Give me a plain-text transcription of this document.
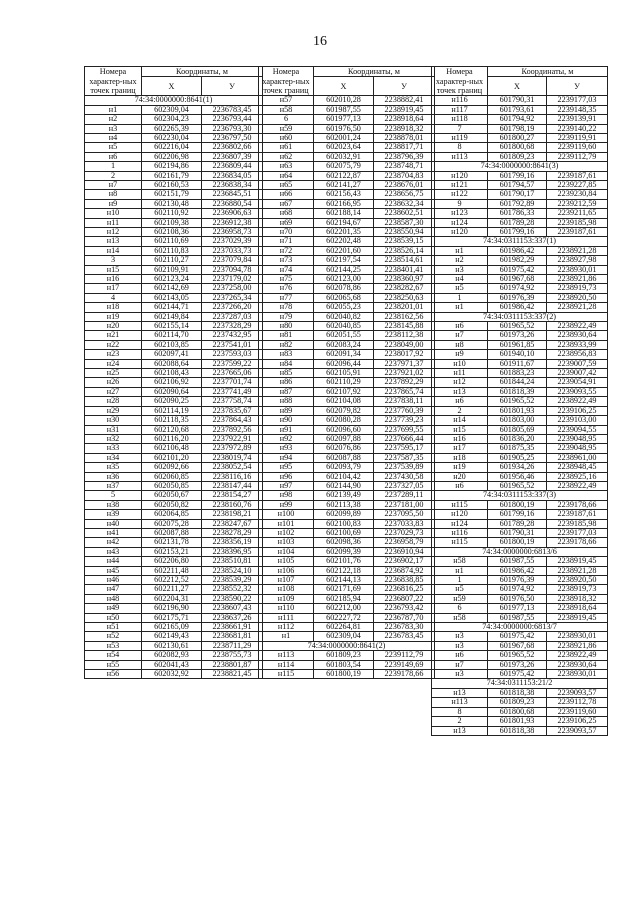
16
Номера характер-ных точек границ	Координаты, м	
	X	У
74:34:0000000:8641(1)		
н1	602309,04	2236783,45
н2	602304,23	2236793,44
н3	602265,39	2236793,30
н4	602230,04	2236797,50
н5	602216,04	2236802,66
н6	602206,98	2236807,39
1	602194,86	2236809,44
2	602161,79	2236834,05
н7	602160,53	2236838,34
н8	602151,79	2236845,51
н9	602130,48	2236880,54
н10	602110,92	2236906,63
н11	602109,38	2236912,38
н12	602108,36	2236958,73
н13	602110,69	2237029,39
н14	602110,83	2237033,73
3	602110,27	2237079,84
н15	602109,91	2237094,78
н16	602123,24	2237179,02
н17	602142,69	2237258,00
4	602143,05	2237265,34
н18	602144,71	2237266,20
н19	602149,84	2237287,03
н20	602155,14	2237328,29
н21	602114,70	2237432,95
н22	602103,85	2237541,01
н23	602097,41	2237593,03
н24	602088,64	2237599,22
н25	602108,43	2237665,06
н26	602106,92	2237701,74
н27	602090,64	2237741,49
н28	602090,25	2237758,74
н29	602114,19	2237835,67
н30	602118,35	2237864,43
н31	602120,68	2237892,56
н32	602116,20	2237922,91
н33	602106,48	2237972,89
н34	602101,20	2238019,74
н35	602092,66	2238052,54
н36	602060,85	2238116,16
н37	602050,85	2238147,44
5	602050,67	2238154,27
н38	602050,82	2238160,76
н39	602064,85	2238198,21
н40	602075,28	2238247,67
н41	602087,88	2238278,29
н42	602131,78	2238356,19
н43	602153,21	2238396,95
н44	602206,80	2238510,81
н45	602211,48	2238524,10
н46	602212,52	2238539,29
н47	602211,27	2238552,32
н48	602204,31	2238590,22
н49	602196,90	2238607,43
н50	602175,71	2238637,26
н51	602165,09	2238661,91
н52	602149,43	2238681,81
н53	602130,61	2238711,29
н54	602082,93	2238755,73
н55	602041,43	2238801,87
н56	602032,92	2238821,45
Номера характер-ных точек границ	Координаты, м	
	X	У
н57	602010,28	2238882,41
н58	601987,55	2238919,45
6	601977,13	2238918,64
н59	601976,50	2238918,32
н60	602001,24	2238878,01
н61	602023,64	2238817,71
н62	602032,91	2238796,39
н63	602075,79	2238748,71
н64	602122,87	2238704,83
н65	602141,27	2238676,01
н66	602156,43	2238656,75
н67	602166,95	2238632,34
н68	602188,14	2238602,51
н69	602194,67	2238587,30
н70	602201,35	2238550,94
н71	602202,48	2238539,15
н72	602201,60	2238526,14
н73	602197,54	2238514,61
н74	602144,25	2238401,41
н75	602123,00	2238360,97
н76	602078,86	2238282,67
н77	602065,68	2238250,63
н78	602055,23	2238201,01
н79	602040,82	2238162,56
н80	602040,85	2238145,88
н81	602051,55	2238112,38
н82	602083,24	2238049,00
н83	602091,34	2238017,92
н84	602096,44	2237971,37
н85	602105,91	2237921,02
н86	602110,29	2237892,29
н87	602107,92	2237865,74
н88	602104,08	2237838,11
н89	602079,82	2237760,39
н90	602080,28	2237739,23
н91	602096,60	2237699,55
н92	602097,88	2237666,44
н93	602076,86	2237595,17
н94	602087,88	2237587,35
н95	602093,79	2237539,89
н96	602104,42	2237430,58
н97	602144,90	2237327,05
н98	602139,49	2237289,11
н99	602113,38	2237181,00
н100	602099,89	2237095,50
н101	602100,83	2237033,83
н102	602100,69	2237029,73
н103	602098,36	2236958,79
н104	602099,39	2236910,94
н105	602101,76	2236902,17
н106	602122,18	2236874,92
н107	602144,13	2236838,85
н108	602171,69	2236816,25
н109	602185,94	2236807,22
н110	602212,00	2236793,42
н111	602227,72	2236787,70
н112	602264,81	2236783,30
н1	602309,04	2236783,45
74:34:0000000:8641(2)		
н113	601809,23	2239112,79
н114	601803,54	2239149,69
н115	601800,19	2239178,66
Номера характер-ных точек границ	Координаты, м	
	X	У
н116	601790,31	2239177,03
н117	601793,61	2239148,35
н118	601794,92	2239139,91
7	601798,19	2239140,22
н119	601800,27	2239119,91
8	601800,68	2239119,60
н113	601809,23	2239112,79
74:34:0000000:8641(3)		
н120	601799,16	2239187,61
н121	601794,57	2239227,85
н122	601790,17	2239230,84
9	601792,89	2239212,59
н123	601786,33	2239211,65
н124	601789,28	2239185,98
н120	601799,16	2239187,61
74:34:0311153:337(1)		
н1	601986,42	2238921,28
н2	601982,29	2238927,98
н3	601975,42	2238930,01
н4	601967,68	2238921,86
н5	601974,92	2238919,73
1	601976,39	2238920,50
н1	601986,42	2238921,28
74:34:0311153:337(2)		
н6	601965,52	2238922,49
н7	601973,26	2238930,64
н8	601961,85	2238933,99
н9	601940,10	2238956,83
н10	601911,67	2239007,59
н11	601883,23	2239007,42
н12	601844,24	2239054,91
н13	601818,39	2239093,55
н6	601965,52	2238922,49
2	601801,93	2239106,25
н14	601803,00	2239103,00
н15	601805,69	2239094,55
н16	601836,20	2239048,95
н17	601875,35	2239048,95
н18	601905,25	2238961,00
н19	601934,26	2238948,45
н20	601956,46	2238925,16
н6	601965,52	2238922,49
74:34:0311153:337(3)		
н115	601800,19	2239178,66
н120	601799,16	2239187,61
н124	601789,28	2239185,98
н116	601790,31	2239177,03
н115	601800,19	2239178,66
74:34:0000000:6813/6		
н58	601987,55	2238919,45
н1	601986,42	2238921,28
1	601976,39	2238920,50
н5	601974,92	2238919,73
н59	601976,50	2238918,32
6	601977,13	2238918,64
н58	601987,55	2238919,45
74:34:0000000:6813/7		
н3	601975,42	2238930,01
н3	601967,68	2238921,86
н6	601965,52	2238922,49
н7	601973,26	2238930,64
н3	601975,42	2238930,01
74:34:0311153:21/2		
н13	601818,38	2239093,57
н113	601809,23	2239112,78
8	601800,68	2239119,60
2	601801,93	2239106,25
н13	601818,38	2239093,57
